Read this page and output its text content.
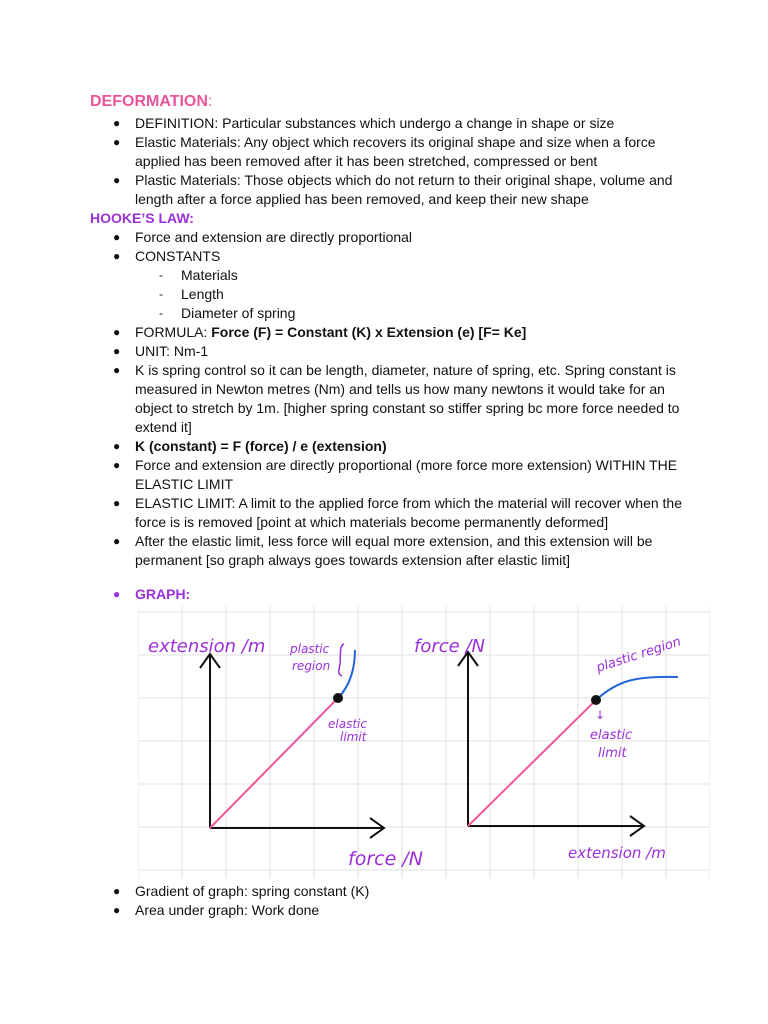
DEFORMATION:
● DEFINITION: Particular substances which undergo a change in shape or size
● Elastic Materials: Any object which recovers its original shape and size when a force applied has been removed after it has been stretched, compressed or bent
● Plastic Materials: Those objects which do not return to their original shape, volume and length after a force applied has been removed, and keep their new shape
HOOKE’S LAW:
● Force and extension are directly proportional
● CONSTANTS
- Materials
- Length
- Diameter of spring
● FORMULA: Force (F) = Constant (K) x Extension (e) [F= Ke]
● UNIT: Nm-1
● K is spring control so it can be length, diameter, nature of spring, etc. Spring constant is measured in Newton metres (Nm) and tells us how many newtons it would take for an object to stretch by 1m. [higher spring constant so stiffer spring bc more force needed to extend it]
● K (constant) = F (force) / e (extension)
● Force and extension are directly proportional (more force more extension) WITHIN THE ELASTIC LIMIT
● ELASTIC LIMIT: A limit to the applied force from which the material will recover when the force is is removed [point at which materials become permanently deformed]
● After the elastic limit, less force will equal more extension, and this extension will be permanent [so graph always goes towards extension after elastic limit]
● GRAPH:
extension /m plastic
region
elastic
limit
force /N
force /N	plastic region
↓
elastic
limit
extension /m
● Gradient of graph: spring constant (K)
● Area under graph: Work done
